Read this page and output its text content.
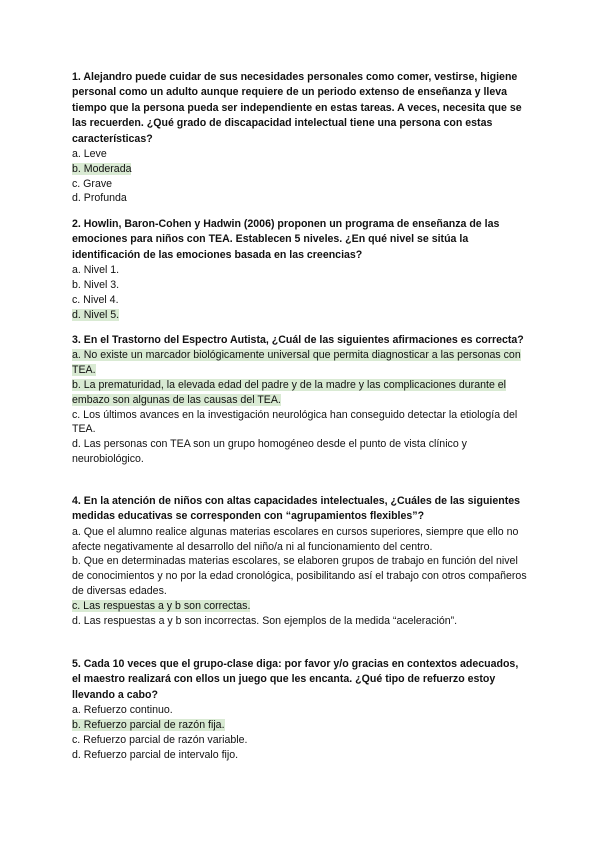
1. Alejandro puede cuidar de sus necesidades personales como comer, vestirse, higiene personal como un adulto aunque requiere de un periodo extenso de enseñanza y lleva tiempo que la persona pueda ser independiente en estas tareas. A veces, necesita que se las recuerden. ¿Qué grado de discapacidad intelectual tiene una persona con estas características?

a. Leve
b. Moderada
c. Grave
d. Profunda

2. Howlin, Baron-Cohen y Hadwin (2006) proponen un programa de enseñanza de las emociones para niños con TEA. Establecen 5 niveles. ¿En qué nivel se sitúa la identificación de las emociones basada en las creencias?

a. Nivel 1.
b. Nivel 3.
c. Nivel 4.
d. Nivel 5.

3. En el Trastorno del Espectro Autista, ¿Cuál de las siguientes afirmaciones es correcta?

a. No existe un marcador biológicamente universal que permita diagnosticar a las personas con TEA.
b. La prematuridad, la elevada edad del padre y de la madre y las complicaciones durante el embazo son algunas de las causas del TEA.
c. Los últimos avances en la investigación neurológica han conseguido detectar la etiología del TEA.
d. Las personas con TEA son un grupo homogéneo desde el punto de vista clínico y neurobiológico.

4. En la atención de niños con altas capacidades intelectuales, ¿Cuáles de las siguientes medidas educativas se corresponden con “agrupamientos flexibles”?

a. Que el alumno realice algunas materias escolares en cursos superiores, siempre que ello no afecte negativamente al desarrollo del niño/a ni al funcionamiento del centro.
b. Que en determinadas materias escolares, se elaboren grupos de trabajo en función del nivel de conocimientos y no por la edad cronológica, posibilitando así el trabajo con otros compañeros de diversas edades.
c. Las respuestas a y b son correctas.
d. Las respuestas a y b son incorrectas. Son ejemplos de la medida “aceleración”.

5. Cada 10 veces que el grupo-clase diga: por favor y/o gracias en contextos adecuados, el maestro realizará con ellos un juego que les encanta. ¿Qué tipo de refuerzo estoy llevando a cabo?

a. Refuerzo continuo.
b. Refuerzo parcial de razón fija.
c. Refuerzo parcial de razón variable.
d. Refuerzo parcial de intervalo fijo.
